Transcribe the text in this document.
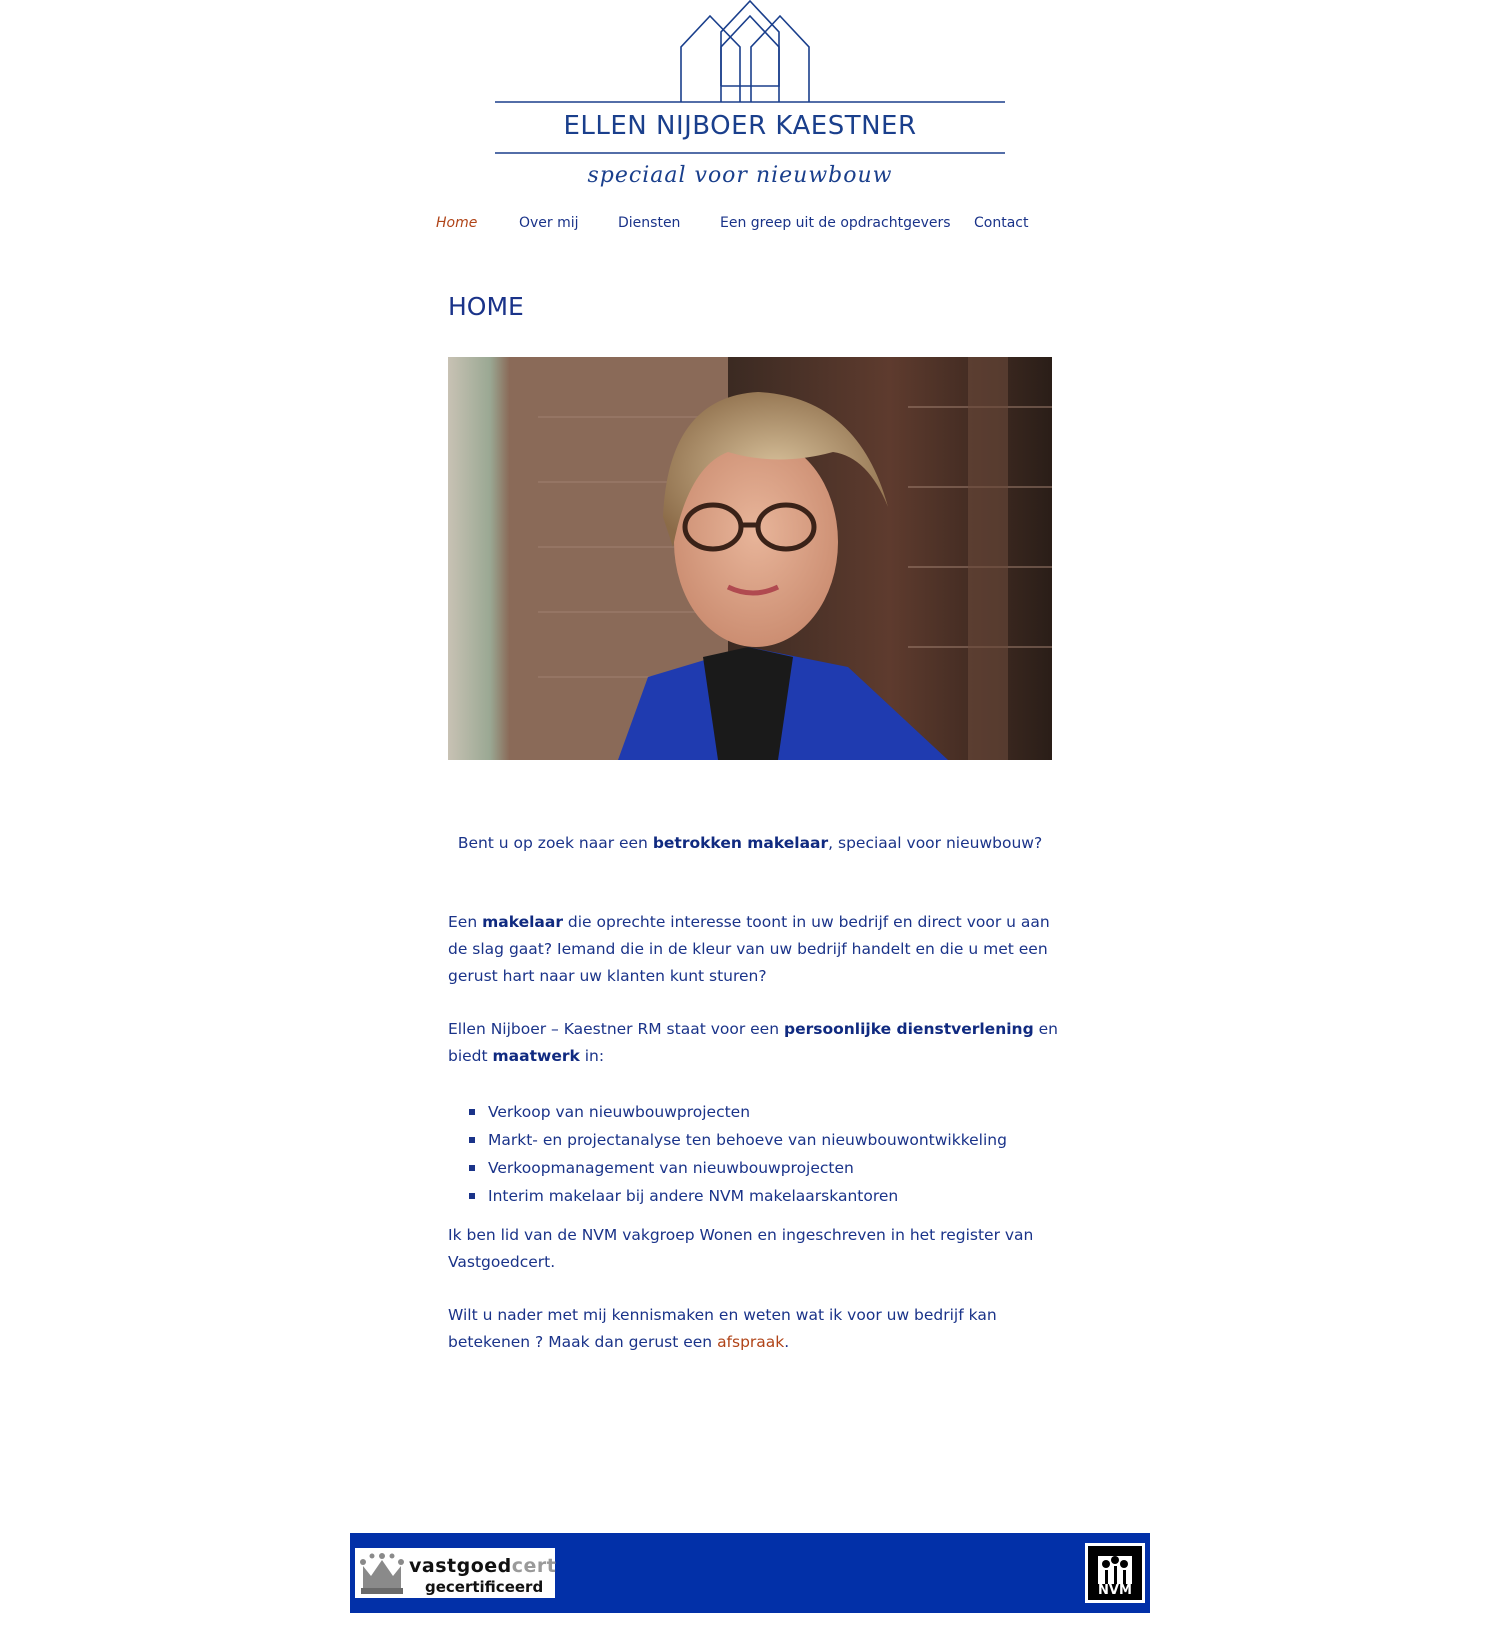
ELLEN NIJBOER KAESTNER
speciaal voor nieuwbouw
Home	Over mij	Diensten	Een greep uit de opdrachtgevers Contact
HOME

Bent u op zoek naar een betrokken makelaar, speciaal voor nieuwbouw?

Een makelaar die oprechte interesse toont in uw bedrijf en direct voor u aan de slag gaat? Iemand die in de kleur van uw bedrijf handelt en die u met een gerust hart naar uw klanten kunt sturen?

Ellen Nijboer – Kaestner RM staat voor een persoonlijke dienstverlening en biedt maatwerk in:

Verkoop van nieuwbouwprojecten
Markt- en projectanalyse ten behoeve van nieuwbouwontwikkeling
Verkoopmanagement van nieuwbouwprojecten
Interim makelaar bij andere NVM makelaarskantoren

Ik ben lid van de NVM vakgroep Wonen en ingeschreven in het register van Vastgoedcert.

Wilt u nader met mij kennismaken en weten wat ik voor uw bedrijf kan betekenen ? Maak dan gerust een afspraak.

vastgoedcert
gecertificeerd	NVM
